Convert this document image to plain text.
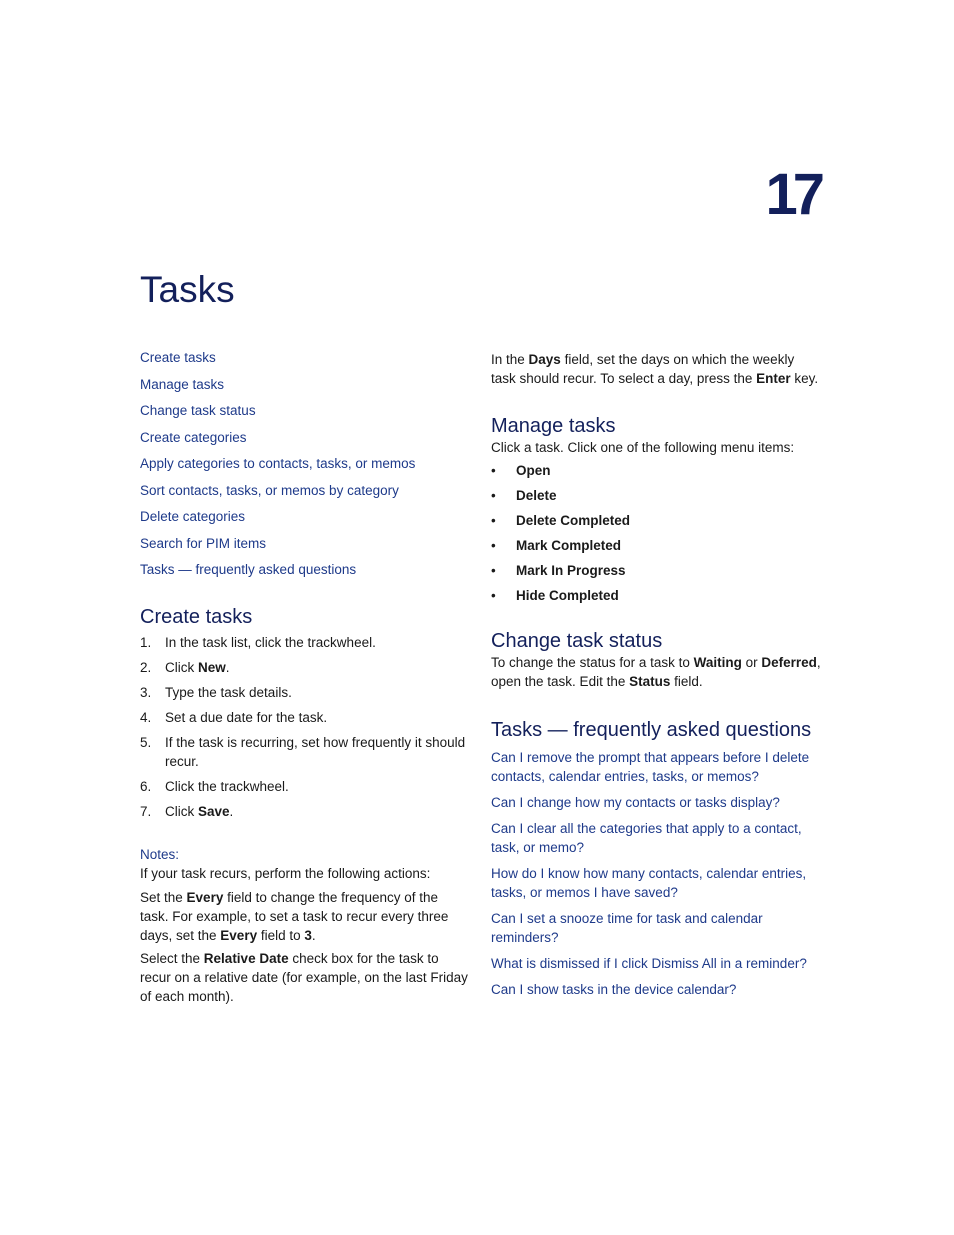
17
Tasks
Create tasks
Manage tasks
Change task status
Create categories
Apply categories to contacts, tasks, or memos
Sort contacts, tasks, or memos by category
Delete categories
Search for PIM items
Tasks — frequently asked questions
Create tasks
1. In the task list, click the trackwheel.
2. Click New.
3. Type the task details.
4. Set a due date for the task.
5. If the task is recurring, set how frequently it should recur.
6. Click the trackwheel.
7. Click Save.

Notes:

If your task recurs, perform the following actions:

Set the Every field to change the frequency of the task. For example, to set a task to recur every three days, set the Every field to 3.

Select the Relative Date check box for the task to recur on a relative date (for example, on the last Friday of each month).

In the Days field, set the days on which the weekly task should recur. To select a day, press the Enter key.

Manage tasks

Click a task. Click one of the following menu items:

• Open
• Delete
• Delete Completed
• Mark Completed
• Mark In Progress
• Hide Completed
Change task status

To change the status for a task to Waiting or Deferred, open the task. Edit the Status field.

Tasks — frequently asked questions
Can I remove the prompt that appears before I delete contacts, calendar entries, tasks, or memos?
Can I change how my contacts or tasks display?
Can I clear all the categories that apply to a contact, task, or memo?
How do I know how many contacts, calendar entries, tasks, or memos I have saved?
Can I set a snooze time for task and calendar reminders?
What is dismissed if I click Dismiss All in a reminder?
Can I show tasks in the device calendar?
